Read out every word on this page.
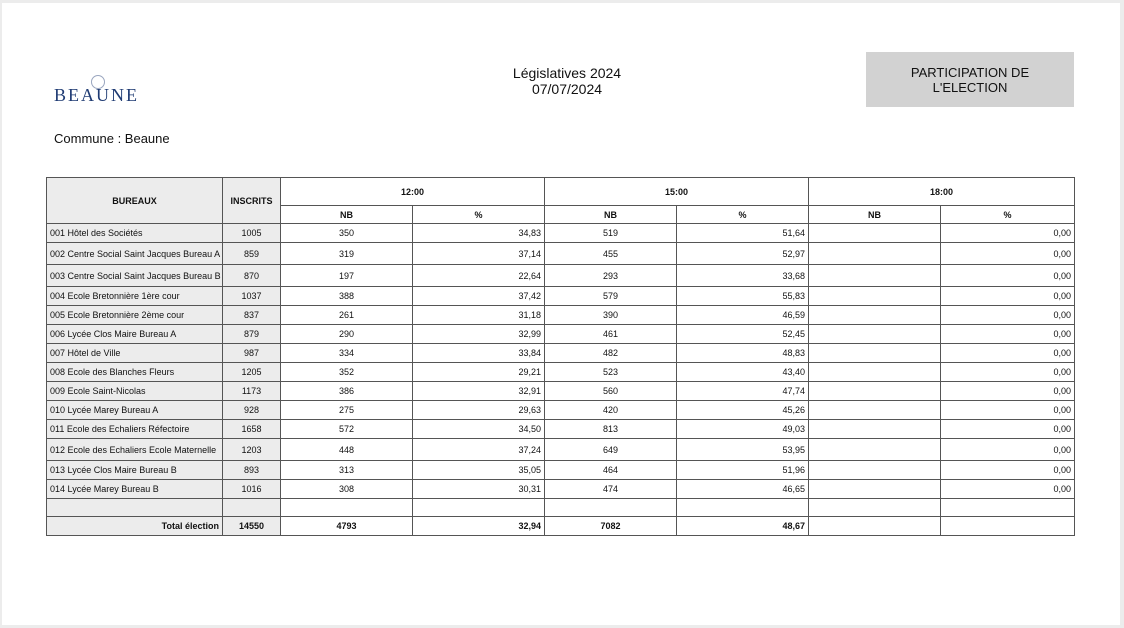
BEAUNE
Législatives 2024
07/07/2024
PARTICIPATION DE
L'ELECTION
Commune : Beaune
BUREAUX	INSCRITS	12:00		15:00		18:00	
		NB	%	NB	%	NB	%
001 Hôtel des Sociétés	1005	350	34,83	519	51,64		0,00
002 Centre Social Saint Jacques Bureau A	859	319	37,14	455	52,97		0,00
003 Centre Social Saint Jacques Bureau B	870	197	22,64	293	33,68		0,00
004 Ecole Bretonnière 1ère cour	1037	388	37,42	579	55,83		0,00
005 Ecole Bretonnière 2ème cour	837	261	31,18	390	46,59		0,00
006 Lycée Clos Maire Bureau A	879	290	32,99	461	52,45		0,00
007 Hôtel de Ville	987	334	33,84	482	48,83		0,00
008 Ecole des Blanches Fleurs	1205	352	29,21	523	43,40		0,00
009 Ecole Saint-Nicolas	1173	386	32,91	560	47,74		0,00
010 Lycée Marey Bureau A	928	275	29,63	420	45,26		0,00
011 Ecole des Echaliers Réfectoire	1658	572	34,50	813	49,03		0,00
012 Ecole des Echaliers Ecole Maternelle	1203	448	37,24	649	53,95		0,00
013 Lycée Clos Maire Bureau B	893	313	35,05	464	51,96		0,00
014 Lycée Marey Bureau B	1016	308	30,31	474	46,65		0,00

Total élection	14550	4793	32,94	7082	48,67		
